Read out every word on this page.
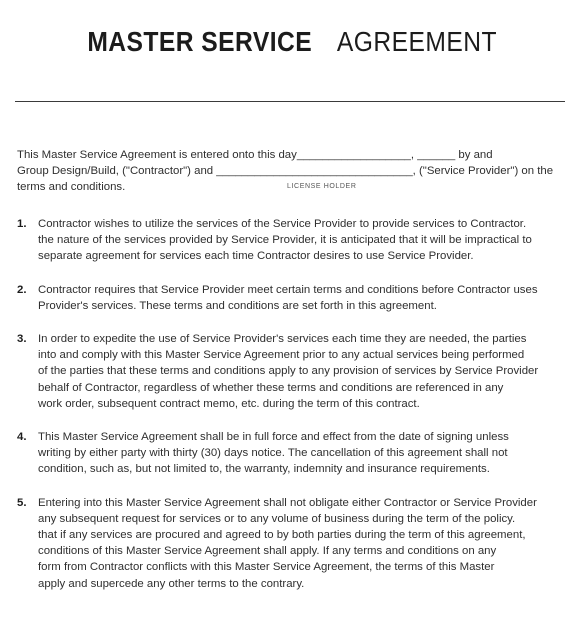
MASTER SERVICE AGREEMENT
This Master Service Agreement is entered onto this day__________________, ______ by and
Group Design/Build, ("Contractor") and _______________________________, ("Service Provider") on the
terms and conditions.	LICENSE HOLDER
1. Contractor wishes to utilize the services of the Service Provider to provide services to Contractor.
the nature of the services provided by Service Provider, it is anticipated that it will be impractical to
separate agreement for services each time Contractor desires to use Service Provider.
2. Contractor requires that Service Provider meet certain terms and conditions before Contractor uses
Provider's services. These terms and conditions are set forth in this agreement.
3. In order to expedite the use of Service Provider's services each time they are needed, the parties
into and comply with this Master Service Agreement prior to any actual services being performed
of the parties that these terms and conditions apply to any provision of services by Service Provider
behalf of Contractor, regardless of whether these terms and conditions are referenced in any
work order, subsequent contract memo, etc. during the term of this contract.
4. This Master Service Agreement shall be in full force and effect from the date of signing unless
writing by either party with thirty (30) days notice. The cancellation of this agreement shall not
condition, such as, but not limited to, the warranty, indemnity and insurance requirements.
5. Entering into this Master Service Agreement shall not obligate either Contractor or Service Provider
any subsequent request for services or to any volume of business during the term of the policy.
that if any services are procured and agreed to by both parties during the term of this agreement,
conditions of this Master Service Agreement shall apply. If any terms and conditions on any
form from Contractor conflicts with this Master Service Agreement, the terms of this Master
apply and supercede any other terms to the contrary.
